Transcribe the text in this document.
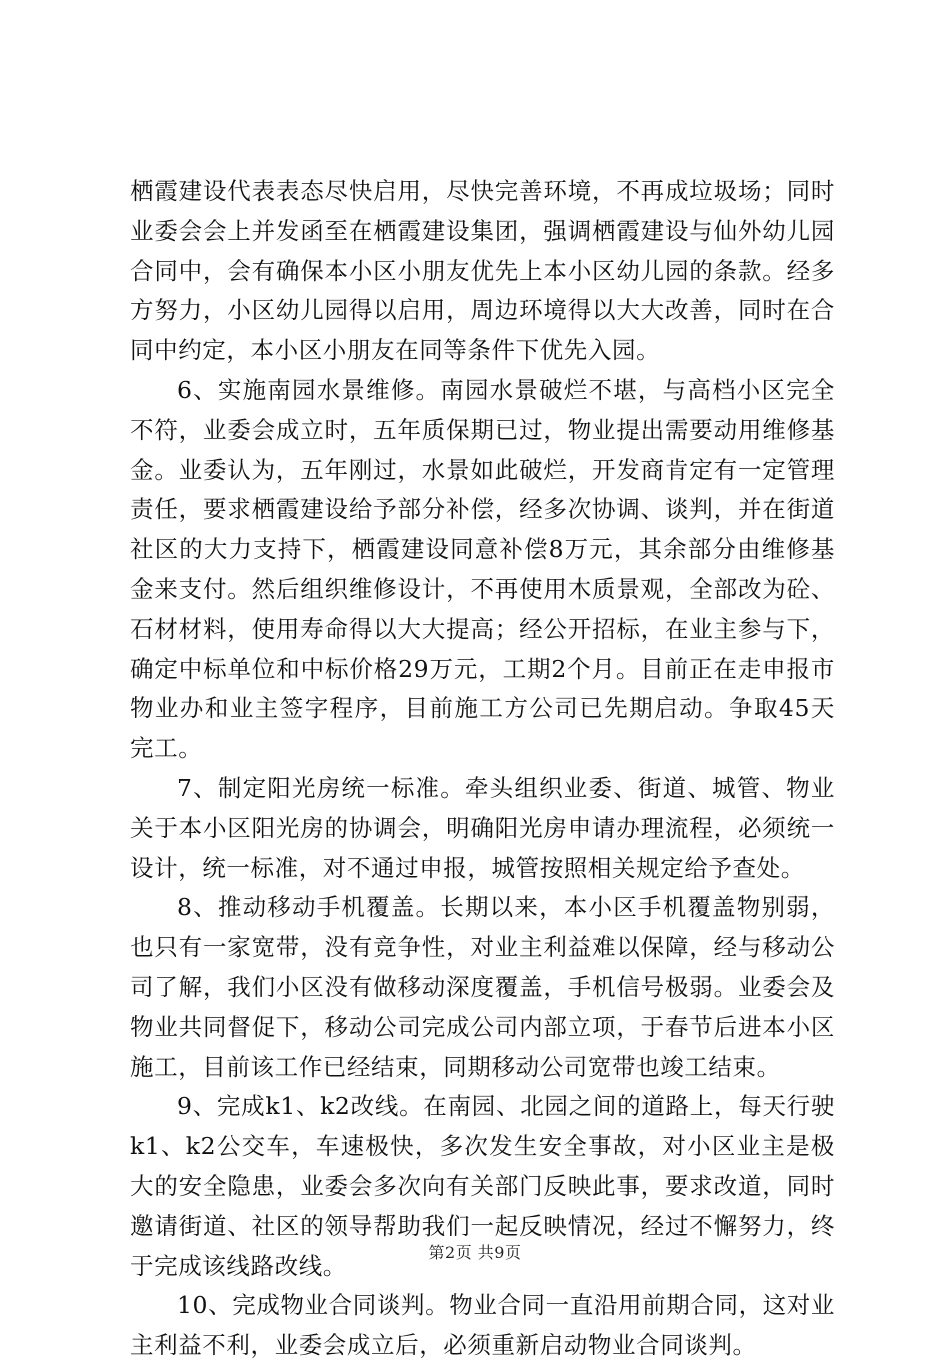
栖霞建设代表表态尽快启用，尽快完善环境，不再成垃圾场；同时业委会会上并发函至在栖霞建设集团，强调栖霞建设与仙外幼儿园合同中，会有确保本小区小朋友优先上本小区幼儿园的条款。经多方努力，小区幼儿园得以启用，周边环境得以大大改善，同时在合同中约定，本小区小朋友在同等条件下优先入园。

6、实施南园水景维修。南园水景破烂不堪，与高档小区完全不符，业委会成立时，五年质保期已过，物业提出需要动用维修基金。业委认为，五年刚过，水景如此破烂，开发商肯定有一定管理责任，要求栖霞建设给予部分补偿，经多次协调、谈判，并在街道社区的大力支持下，栖霞建设同意补偿8万元，其余部分由维修基金来支付。然后组织维修设计，不再使用木质景观，全部改为砼、石材材料，使用寿命得以大大提高；经公开招标，在业主参与下，确定中标单位和中标价格29万元，工期2个月。目前正在走申报市物业办和业主签字程序，目前施工方公司已先期启动。争取45天完工。

7、制定阳光房统一标准。牵头组织业委、街道、城管、物业关于本小区阳光房的协调会，明确阳光房申请办理流程，必须统一设计，统一标准，对不通过申报，城管按照相关规定给予查处。

8、推动移动手机覆盖。长期以来，本小区手机覆盖物别弱，也只有一家宽带，没有竞争性，对业主利益难以保障，经与移动公司了解，我们小区没有做移动深度覆盖，手机信号极弱。业委会及物业共同督促下，移动公司完成公司内部立项，于春节后进本小区施工，目前该工作已经结束，同期移动公司宽带也竣工结束。

9、完成k1、k2改线。在南园、北园之间的道路上，每天行驶k1、k2公交车，车速极快，多次发生安全事故，对小区业主是极大的安全隐患，业委会多次向有关部门反映此事，要求改道，同时邀请街道、社区的领导帮助我们一起反映情况，经过不懈努力，终于完成该线路改线。

10、完成物业合同谈判。物业合同一直沿用前期合同，这对业主利益不利，业委会成立后，必须重新启动物业合同谈判。

第2页 共9页
